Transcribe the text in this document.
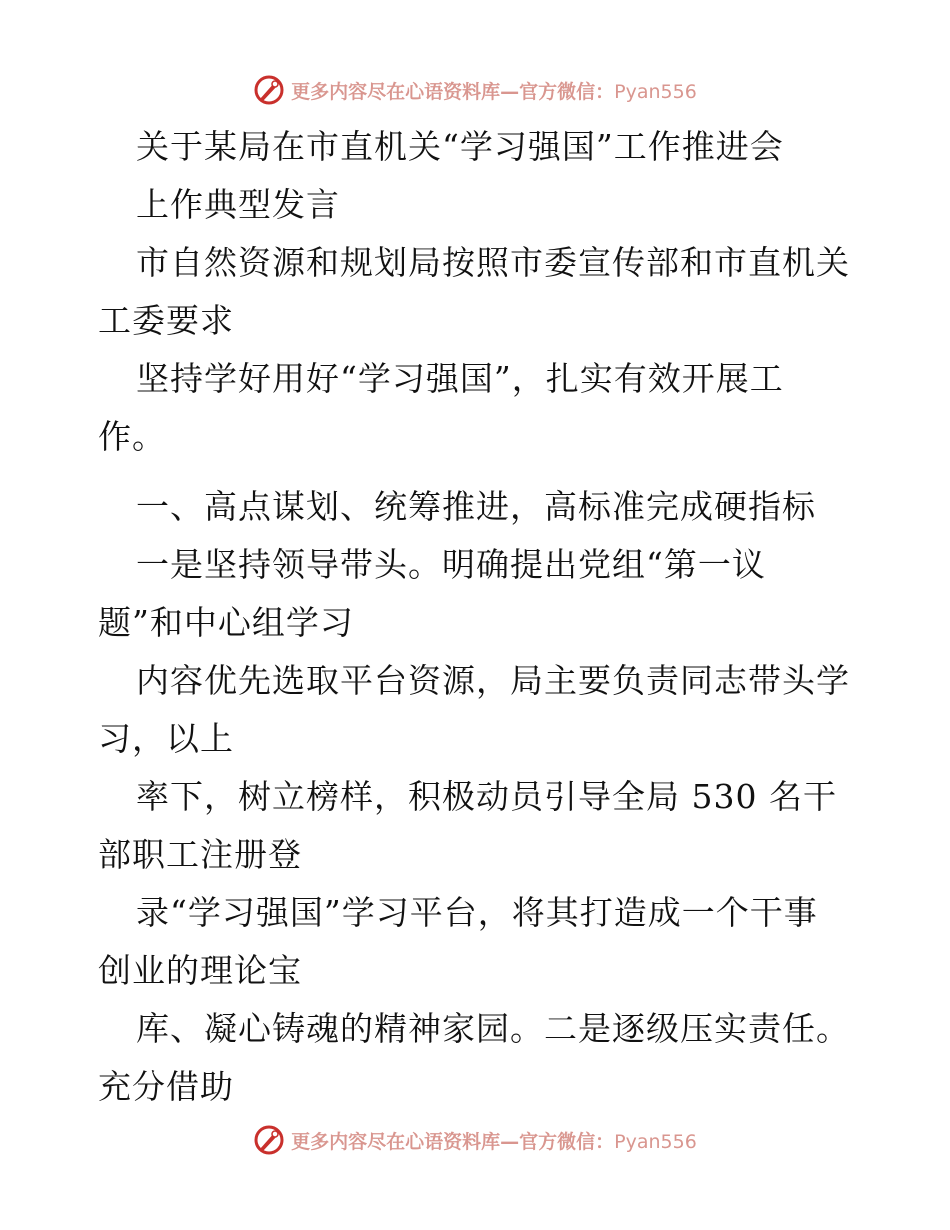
更多内容尽在心语资料库—官方微信：Pyan556
关于某局在市直机关“学习强国”工作推进会
上作典型发言
市自然资源和规划局按照市委宣传部和市直机关
工委要求
坚持学好用好“学习强国”，扎实有效开展工
作。
一、高点谋划、统筹推进，高标准完成硬指标
一是坚持领导带头。明确提出党组“第一议
题”和中心组学习
内容优先选取平台资源，局主要负责同志带头学
习，以上
率下，树立榜样，积极动员引导全局 530 名干
部职工注册登
录“学习强国”学习平台，将其打造成一个干事
创业的理论宝
库、凝心铸魂的精神家园。二是逐级压实责任。
充分借助
更多内容尽在心语资料库—官方微信：Pyan556
